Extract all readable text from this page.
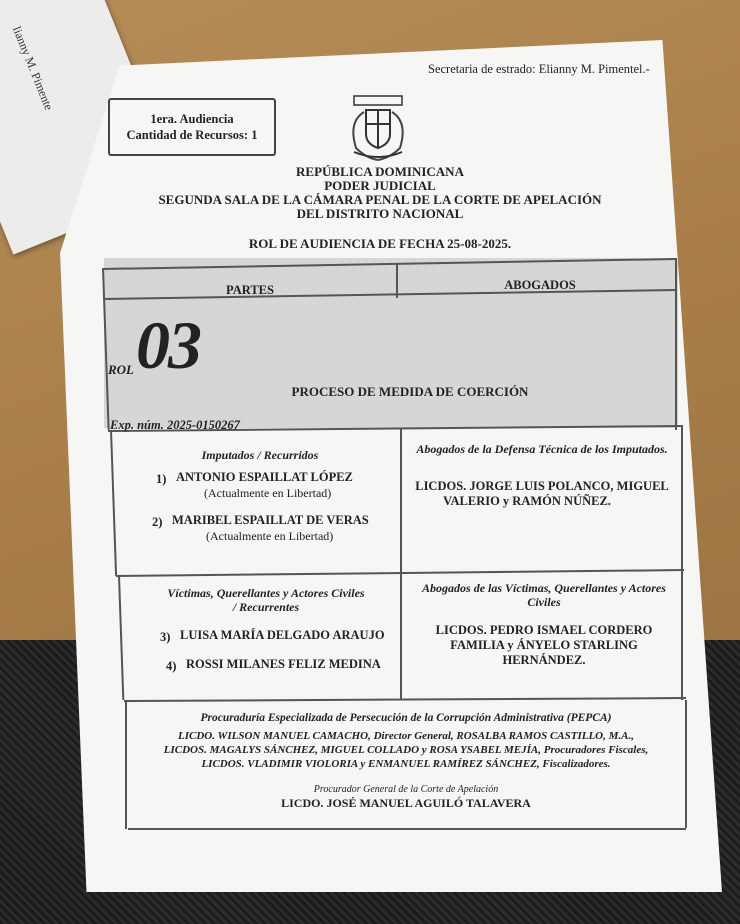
lianny M. Pimente	Secretaria de estrado: Elianny M. Pimentel.-
1era. Audiencia
Cantidad de Recursos: 1
REPÚBLICA DOMINICANA
PODER JUDICIAL
SEGUNDA SALA DE LA CÁMARA PENAL DE LA CORTE DE APELACIÓN
DEL DISTRITO NACIONAL
ROL DE AUDIENCIA DE FECHA 25-08-2025.
PARTES	ABOGADOS
ROL 03
PROCESO DE MEDIDA DE COERCIÓN
Exp. núm. 2025-0150267
Imputados / Recurridos
1) ANTONIO ESPAILLAT LÓPEZ
(Actualmente en Libertad)
2) MARIBEL ESPAILLAT DE VERAS
(Actualmente en Libertad)
Abogados de la Defensa Técnica de los Imputados.
LICDOS. JORGE LUIS POLANCO, MIGUEL
VALERIO y RAMÓN NÚÑEZ.
Víctimas, Querellantes y Actores Civiles
/ Recurrentes
3) LUISA MARÍA DELGADO ARAUJO
4) ROSSI MILANES FELIZ MEDINA
Abogados de las Víctimas, Querellantes y Actores
Civiles
LICDOS. PEDRO ISMAEL CORDERO
FAMILIA y ÁNYELO STARLING
HERNÁNDEZ.
Procuraduría Especializada de Persecución de la Corrupción Administrativa (PEPCA)
LICDO. WILSON MANUEL CAMACHO, Director General, ROSALBA RAMOS CASTILLO, M.A.,
LICDOS. MAGALYS SÁNCHEZ, MIGUEL COLLADO y ROSA YSABEL MEJÍA, Procuradores Fiscales,
LICDOS. VLADIMIR VIOLORIA y ENMANUEL RAMÍREZ SÁNCHEZ, Fiscalizadores.
Procurador General de la Corte de Apelación
LICDO. JOSÉ MANUEL AGUILÓ TALAVERA
